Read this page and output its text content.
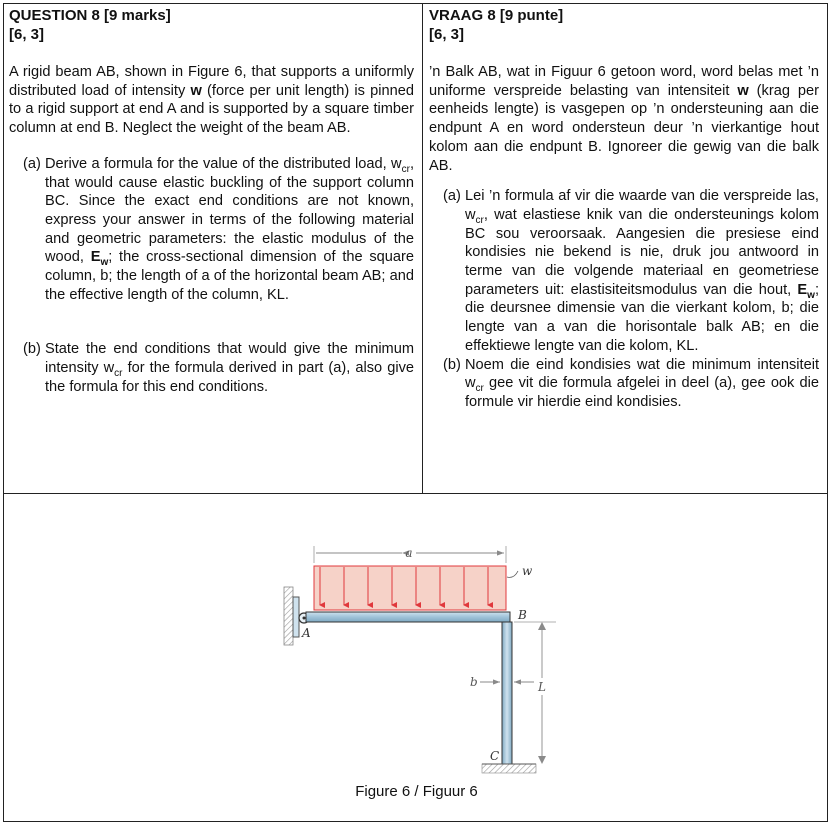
QUESTION 8 [9 marks]
[6, 3]
A rigid beam AB, shown in Figure 6, that supports a uniformly distributed load of intensity w (force per unit length) is pinned to a rigid support at end A and is supported by a square timber column at end B. Neglect the weight of the beam AB.
(a) Derive a formula for the value of the distributed load, $w_{cr}$, that would cause elastic buckling of the support column BC. Since the exact end conditions are not known, express your answer in terms of the following material and geometric parameters: the elastic modulus of the wood, $E_w$; the cross-sectional dimension of the square column, b; the length of a of the horizontal beam AB; and the effective length of the column, KL.
(b) State the end conditions that would give the minimum intensity $w_{cr}$ for the formula derived in part (a), also give the formula for this end conditions.
VRAAG 8 [9 punte]
[6, 3]
’n Balk AB, wat in Figuur 6 getoon word, word belas met ’n uniforme verspreide belasting van intensiteit w (krag per eenheids lengte) is vasgepen op ’n ondersteuning aan die endpunt A en word ondersteun deur ’n vierkantige hout kolom aan die endpunt B. Ignoreer die gewig van die balk AB.
(a) Lei ’n formula af vir die waarde van die verspreide las, $w_{cr}$, wat elastiese knik van die ondersteunings kolom BC sou veroorsaak. Aangesien die presiese eind kondisies nie bekend is nie, druk jou antwoord in terme van die volgende materiaal en geometriese parameters uit: elastisiteitsmodulus van die hout, $E_w$; die deursnee dimensie van die vierkant kolom, b; die lengte van a van die horisontale balk AB; en die effektiewe lengte van die kolom, KL.
(b) Noem die eind kondisies wat die minimum intensiteit $w_{cr}$ gee vit die formula afgelei in deel (a), gee ook die formule vir hierdie eind kondisies.
a
w
A
B
b	L
C
Figure 6 / Figuur 6
